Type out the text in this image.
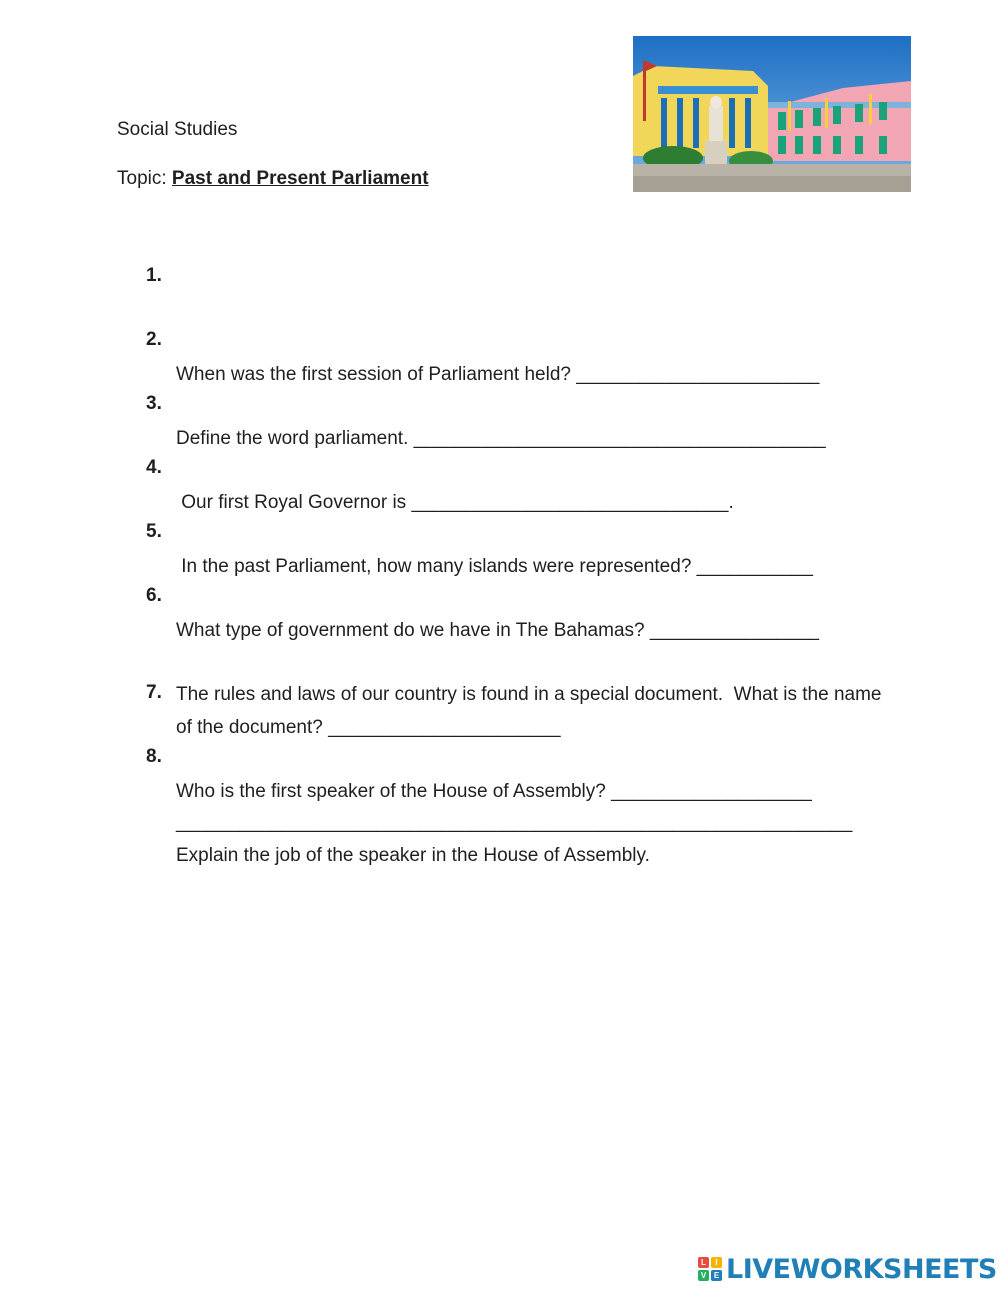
Social Studies
Topic: Past and Present Parliament

1.

When was the first session of Parliament held? _______________________

2.

Define the word parliament. _______________________________________

3.

Our first Royal Governor is ______________________________.

4.

In the past Parliament, how many islands were represented? ___________

5.

What type of government do we have in The Bahamas? ________________

6.

The rules and laws of our country is found in a special document.  What is the name of the document? ______________________

7.

Who is the first speaker of the House of Assembly? ___________________

8.

Explain the job of the speaker in the House of Assembly.

________________________________________________________________
L	I
V E LIVEWORKSHEETS
